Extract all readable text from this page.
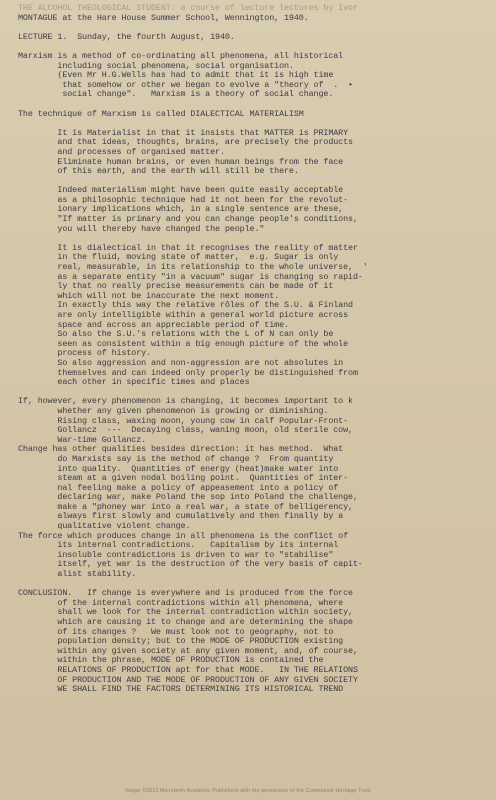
THE ALCOHOL THEOLOGICAL STUDENT: a course of lecture lectures by Ivor
MONTAGUE at the Hare House Summer School, Wennington, 1940.
LECTURE 1.  Sunday, the fourth August, 1940.
Marxism is a method of co-ordinating all phenomena, all historical
including social phenomena, social organisation.
(Even Mr H.G.Wells has had to admit that it is high time
that somehow or other we began to evolve a "theory of  .  •
social change".   Marxism is a theory of social change.
The technique of Marxism is called DIALECTICAL MATERIALISM
It is Materialist in that it insists that MATTER is PRIMARY
and that ideas, thoughts, brains, are precisely the products
and processes of organised matter.
Eliminate human brains, or even human beings from the face
of this earth, and the earth will still be there.
Indeed materialism might have been quite easily acceptable
as a philosophic technique had it not been for the revolut-
ionary implications which, in a single sentence are these,
"If matter is primary and you can change people's conditions,
you will thereby have changed the people."
It is dialectical in that it recognises the reality of matter
in the fluid, moving state of matter,  e.g. Sugar is only
real, measurable, in its relationship to the whole universe,  '
as a separate entity "in a vacuum" sugar is changing so rapid-
ly that no really precise measurements can be made of it
which will not be inaccurate the next moment.
In exactly this way the relative rôles of the S.U. & Finland
are only intelligible within a general world picture across
space and across an appreciable period of time.
So also the S.U.'s relations with the L of N can only be
seen as consistent within a big enough picture of the whole
process of history.
So also aggression and non-aggression are not absolutes in
themselves and can indeed only properly be distinguished from
each other in specific times and places
If, however, every phenomenon is changing, it becomes important to k
whether any given phenomenon is growing or diminishing.
Rising class, waxing moon, young cow in calf Popular-Front-
Gollancz  ---  Decaying class, waning moon, old sterile cow,
War-time Gollancz.
Change has other qualities besides direction: it has method.  What
do Marxists say is the method of change ?  From quantity
into quality.  Quantities of energy (heat)make water into
steam at a given nodal boiling point.  Quantities of inter-
nal feeling make a policy of appeasement into a policy of
declaring war, make Poland the sop into Poland the challenge,
make a "phoney war into a real war, a state of belligerency,
always first slowly and cumulatively and then finally by a
qualitative violent change.
The force which produces change in all phenomena is the conflict of
its internal contradictions.   Capitalism by its internal
insoluble contradictions is driven to war to "stabilise"
itself, yet war is the destruction of the very basis of capit-
alist stability.
CONCLUSION.   If change is everywhere and is produced from the force
of the internal contradictions within all phenomena, where
shall we look for the internal contradiction within society,
which are causing it to change and are determining the shape
of its changes ?   We must look not to geography, not to
population density; but to the MODE OF PRODUCTION existing
within any given society at any given moment, and, of course,
within the phrase, MODE OF PRODUCTION is contained the
RELATIONS OF PRODUCTION apt for that MODE.   IN THE RELATIONS
OF PRODUCTION AND THE MODE OF PRODUCTION OF ANY GIVEN SOCIETY
WE SHALL FIND THE FACTORS DETERMINING ITS HISTORICAL TREND
Image ©2012 Microform Academic Publishers with the permission of the Communist Heritage Trust
